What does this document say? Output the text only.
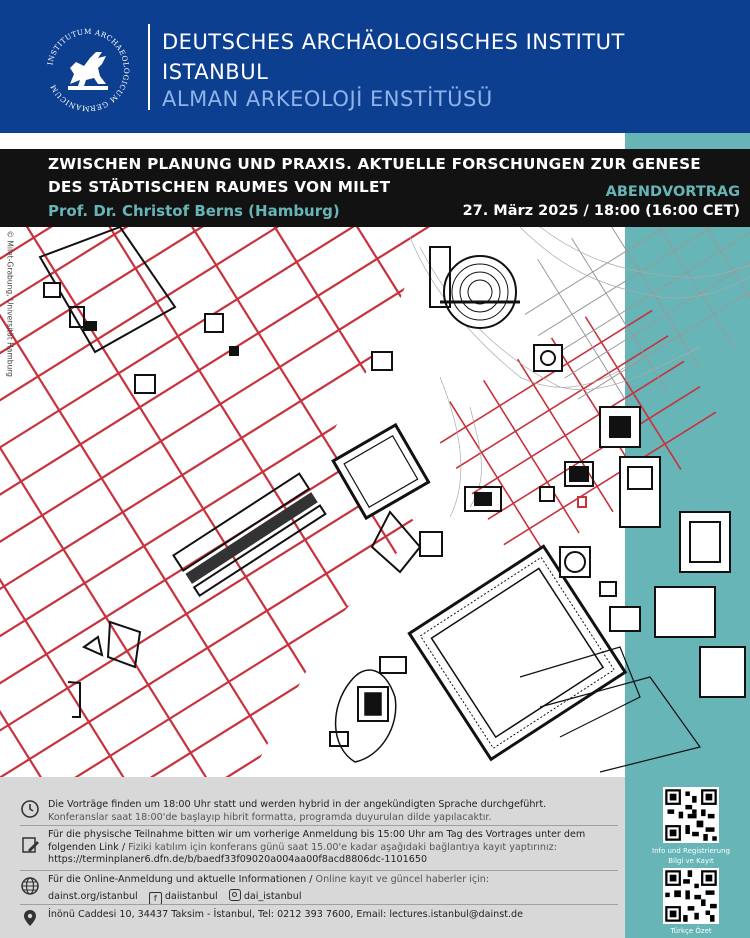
INSTITUTUM ARCHAEOLOGICUM GERMANICUM
DEUTSCHES ARCHÄOLOGISCHES INSTITUT
ISTANBUL
ALMAN ARKEOLOJİ ENSTİTÜSÜ
© Milet-Grabung, Universität Hamburg
ZWISCHEN PLANUNG UND PRAXIS. AKTUELLE FORSCHUNGEN ZUR GENESE
DES STÄDTISCHEN RAUMES VON MILET
Prof. Dr. Christof Berns (Hamburg)
ABENDVORTRAG
27. März 2025 / 18:00 (16:00 CET)
Die Vorträge finden um 18:00 Uhr statt und werden hybrid in der angekündigten Sprache durchgeführt.
Konferanslar saat 18:00'de başlayıp hibrit formatta, programda duyurulan dilde yapılacaktır.
Für die physische Teilnahme bitten wir um vorherige Anmeldung bis 15:00 Uhr am Tag des Vortrages unter dem
folgenden Link / Fiziki katılım için konferans günü saat 15.00'e kadar aşağıdaki bağlantıya kayıt yaptırınız:
https://terminplaner6.dfn.de/b/baedf33f09020a004aa00f8acd8806dc-1101650
Für die Online-Anmeldung und aktuelle Informationen / Online kayıt ve güncel haberler için:
dainst.org/istanbul f daiistanbul	dai_istanbul
İnönü Caddesi 10, 34437 Taksim - İstanbul, Tel: 0212 393 7600, Email: lectures.istanbul@dainst.de
Info und Registrierung
Bilgi ve Kayıt
Türkçe Özet
